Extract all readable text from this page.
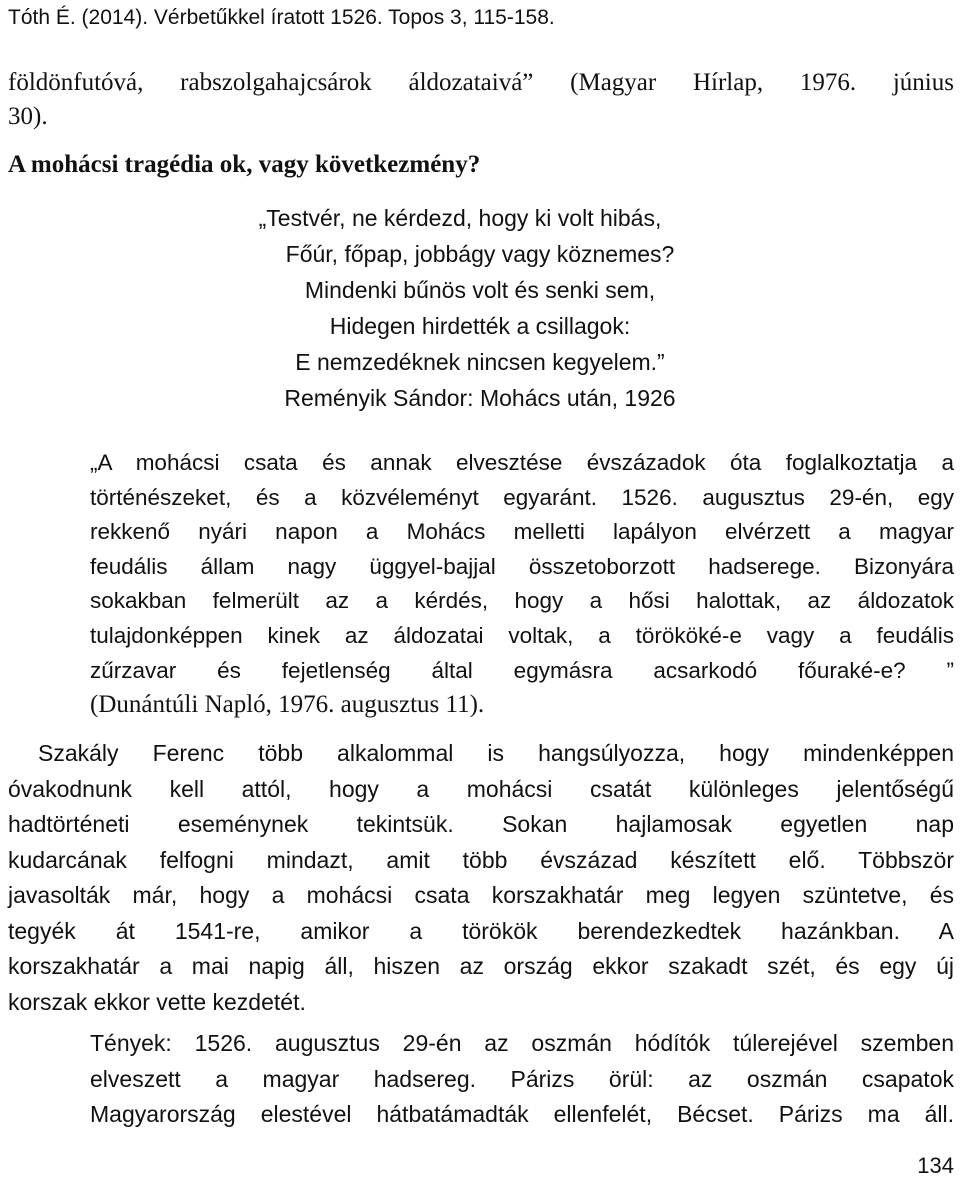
Tóth É. (2014). Vérbetűkkel íratott 1526. Topos 3, 115-158.
földönfutóvá, rabszolgahajcsárok áldozataivá” (Magyar Hírlap, 1976. június
30).
A mohácsi tragédia ok, vagy következmény?
„Testvér, ne kérdezd, hogy ki volt hibás,
Főúr, főpap, jobbágy vagy köznemes?
Mindenki bűnös volt és senki sem,
Hidegen hirdették a csillagok:
E nemzedéknek nincsen kegyelem.”
Reményik Sándor: Mohács után, 1926
„A mohácsi csata és annak elvesztése évszázadok óta foglalkoztatja a
történészeket, és a közvéleményt egyaránt. 1526. augusztus 29-én, egy
rekkenő nyári napon a Mohács melletti lapályon elvérzett a magyar
feudális állam nagy üggyel-bajjal összetoborzott hadserege. Bizonyára
sokakban felmerült az a kérdés, hogy a hősi halottak, az áldozatok
tulajdonképpen kinek az áldozatai voltak, a törököké-e vagy a feudális
zűrzavar és fejetlenség által egymásra acsarkodó főuraké-e? ”
(Dunántúli Napló, 1976. augusztus 11).
Szakály Ferenc több alkalommal is hangsúlyozza, hogy mindenképpen
óvakodnunk kell attól, hogy a mohácsi csatát különleges jelentőségű
hadtörténeti eseménynek tekintsük. Sokan hajlamosak egyetlen nap
kudarcának felfogni mindazt, amit több évszázad készített elő. Többször
javasolták már, hogy a mohácsi csata korszakhatár meg legyen szüntetve, és
tegyék át 1541-re, amikor a törökök berendezkedtek hazánkban. A
korszakhatár a mai napig áll, hiszen az ország ekkor szakadt szét, és egy új
korszak ekkor vette kezdetét.
Tények: 1526. augusztus 29-én az oszmán hódítók túlerejével szemben
elveszett a magyar hadsereg. Párizs örül: az oszmán csapatok
Magyarország elestével hátbatámadták ellenfelét, Bécset. Párizs ma áll.
134
